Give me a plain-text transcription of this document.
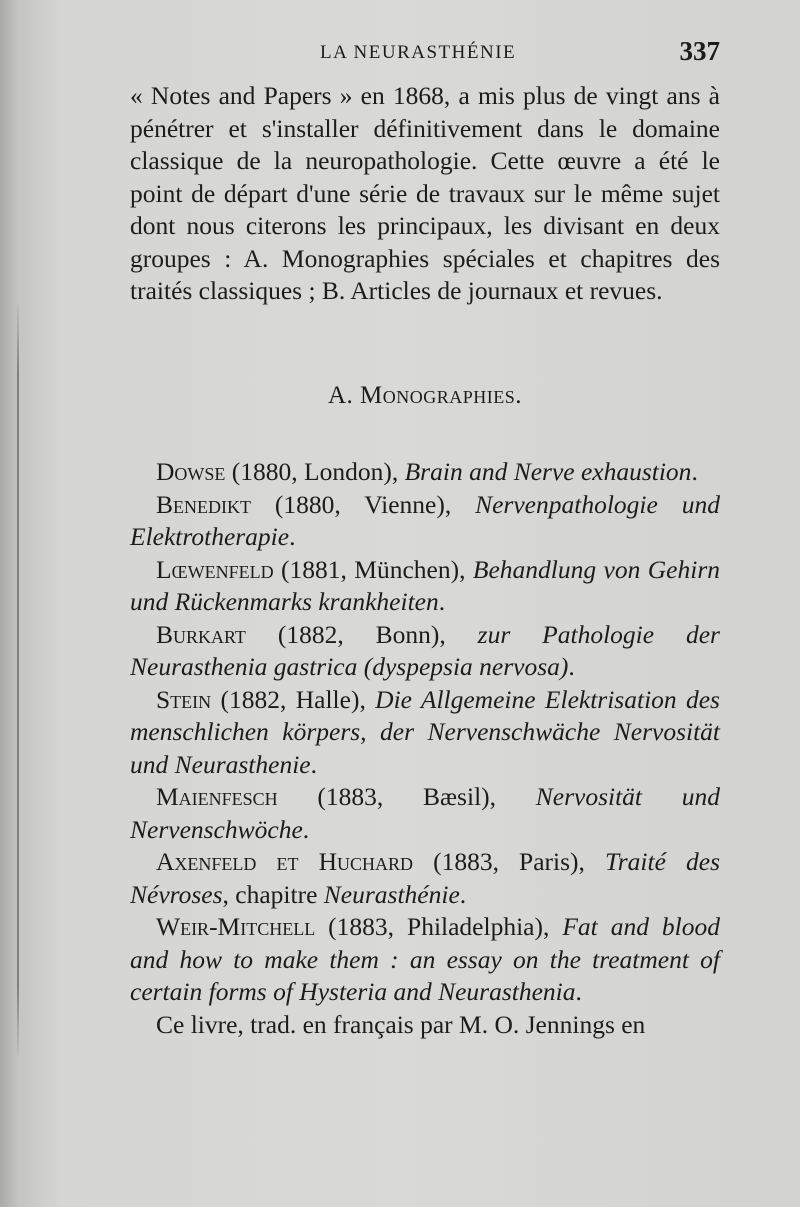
LA NEURASTHÉNIE	337

« Notes and Papers » en 1868, a mis plus de vingt ans à pénétrer et s'installer définitivement dans le domaine classique de la neuropathologie. Cette œuvre a été le point de départ d'une série de travaux sur le même sujet dont nous citerons les principaux, les divisant en deux groupes : A. Monographies spéciales et chapitres des traités classiques ; B. Articles de journaux et revues.

A. Monographies.

Dowse (1880, London), Brain and Nerve exhaustion.

Benedikt (1880, Vienne), Nervenpathologie und Elektrotherapie.

Lœwenfeld (1881, München), Behandlung von Gehirn und Rückenmarks krankheiten.

Burkart (1882, Bonn), zur Pathologie der Neurasthenia gastrica (dyspepsia nervosa).

Stein (1882, Halle), Die Allgemeine Elektrisation des menschlichen körpers, der Nervenschwäche Nervosität und Neurasthenie.

Maienfesch (1883, Bæsil), Nervosität und Nervenschwöche.

Axenfeld et Huchard (1883, Paris), Traité des Névroses, chapitre Neurasthénie.

Weir-Mitchell (1883, Philadelphia), Fat and blood and how to make them : an essay on the treatment of certain forms of Hysteria and Neurasthenia.

Ce livre, trad. en français par M. O. Jennings en
